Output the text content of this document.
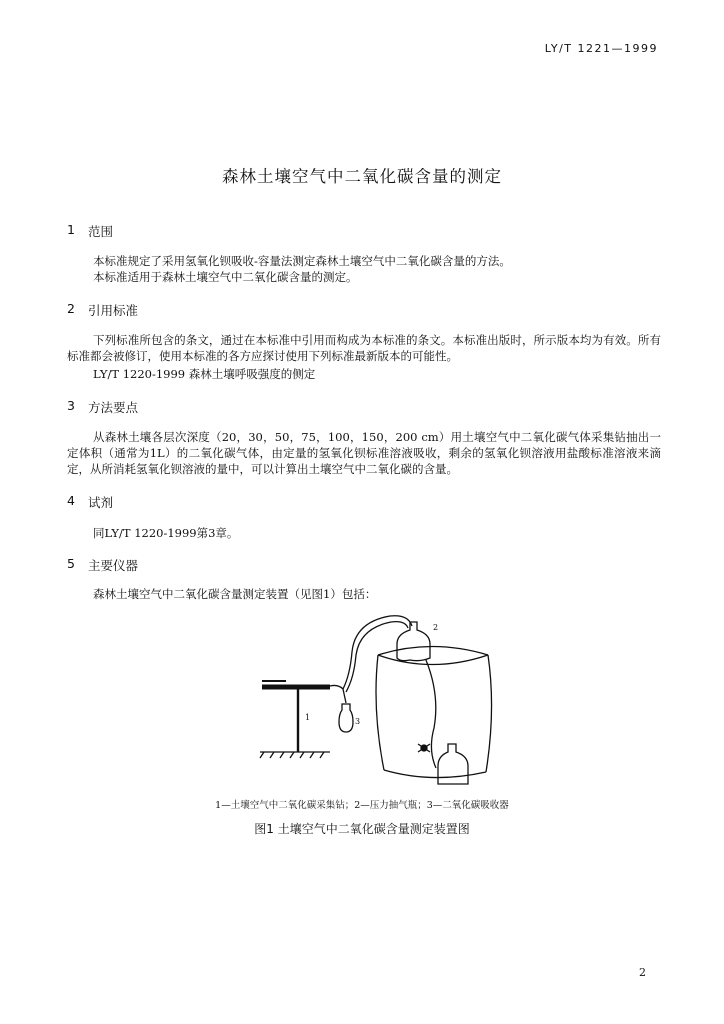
LY/T 1221—1999
森林土壤空气中二氧化碳含量的测定
1 范围
本标准规定了采用氢氧化钡吸收-容量法测定森林土壤空气中二氧化碳含量的方法。
本标准适用于森林土壤空气中二氧化碳含量的测定。
2 引用标准
下列标准所包含的条文，通过在本标准中引用而构成为本标准的条文。本标准出版时，所示版本均为有效。所有标准都会被修订，使用本标准的各方应探讨使用下列标准最新版本的可能性。
LY/T 1220-1999 森林土壤呼吸强度的侧定
3 方法要点
从森林土壤各层次深度（20，30，50，75，100，150，200 cm）用土壤空气中二氧化碳气体采集钻抽出一定体积（通常为1L）的二氧化碳气体，由定量的氢氧化钡标准溶液吸收，剩余的氢氧化钡溶液用盐酸标准溶液来滴定，从所消耗氢氧化钡溶液的量中，可以计算出土壤空气中二氧化碳的含量。
4 试剂
同LY/T 1220-1999第3章。
5 主要仪器
森林土壤空气中二氧化碳含量测定装置（见图1）包括：
1
2
3
1—土壤空气中二氧化碳采集钻；2—压力抽气瓶；3—二氧化碳吸收器
图1 土壤空气中二氧化碳含量测定装置图
2
